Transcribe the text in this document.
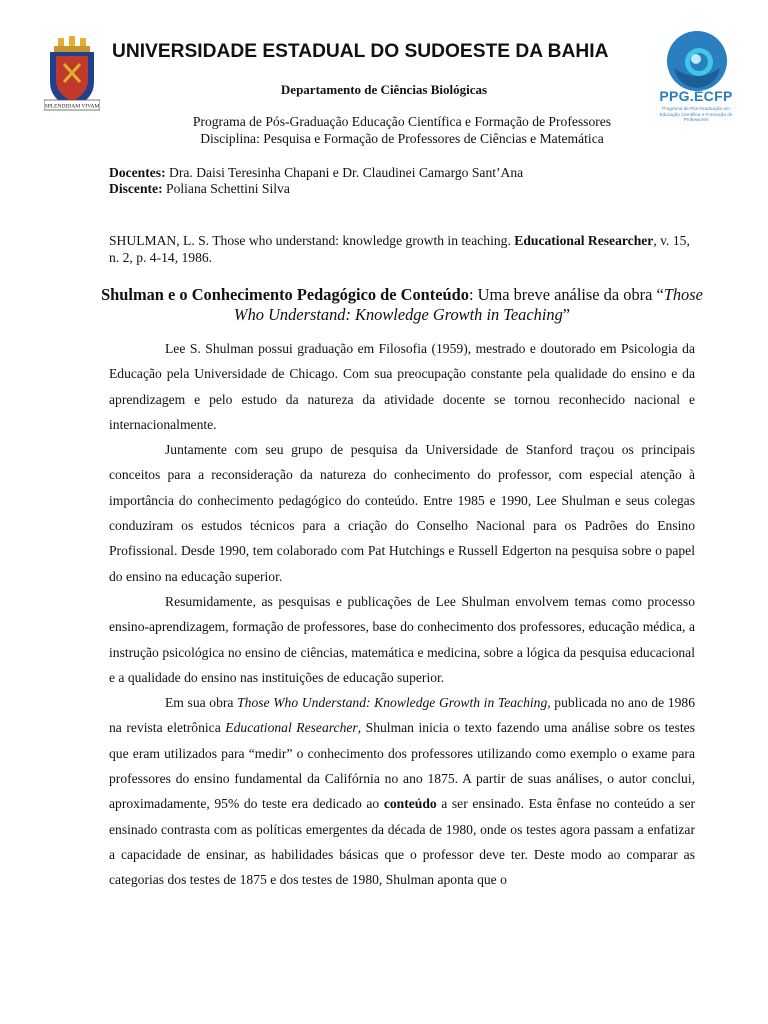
SPLENDIDAM VIVAM
UNIVERSIDADE ESTADUAL DO SUDOESTE DA BAHIA
Departamento de Ciências Biológicas
Programa de Pós-Graduação Educação Científica e Formação de Professores
Disciplina: Pesquisa e Formação de Professores de Ciências e Matemática
PPG.ECFP
Programa de Pós-Graduação em
Educação Científica e Formação de Professores
Docentes: Dra. Daisi Teresinha Chapani e Dr. Claudinei Camargo Sant’Ana
Discente: Poliana Schettini Silva
SHULMAN, L. S. Those who understand: knowledge growth in teaching. Educational Researcher, v. 15, n. 2, p. 4-14, 1986.
Shulman e o Conhecimento Pedagógico de Conteúdo: Uma breve análise da obra “Those Who Understand: Knowledge Growth in Teaching”

Lee S. Shulman possui graduação em Filosofia (1959), mestrado e doutorado em Psicologia da Educação pela Universidade de Chicago. Com sua preocupação constante pela qualidade do ensino e da aprendizagem e pelo estudo da natureza da atividade docente se tornou reconhecido nacional e internacionalmente.

Juntamente com seu grupo de pesquisa da Universidade de Stanford traçou os principais conceitos para a reconsideração da natureza do conhecimento do professor, com especial atenção à importância do conhecimento pedagógico do conteúdo. Entre 1985 e 1990, Lee Shulman e seus colegas conduziram os estudos técnicos para a criação do Conselho Nacional para os Padrões do Ensino Profissional. Desde 1990, tem colaborado com Pat Hutchings e Russell Edgerton na pesquisa sobre o papel do ensino na educação superior.

Resumidamente, as pesquisas e publicações de Lee Shulman envolvem temas como processo ensino-aprendizagem, formação de professores, base do conhecimento dos professores, educação médica, a instrução psicológica no ensino de ciências, matemática e medicina, sobre a lógica da pesquisa educacional e a qualidade do ensino nas instituições de educação superior.

Em sua obra Those Who Understand: Knowledge Growth in Teaching, publicada no ano de 1986 na revista eletrônica Educational Researcher, Shulman inicia o texto fazendo uma análise sobre os testes que eram utilizados para “medir” o conhecimento dos professores utilizando como exemplo o exame para professores do ensino fundamental da Califórnia no ano 1875. A partir de suas análises, o autor conclui, aproximadamente, 95% do teste era dedicado ao conteúdo a ser ensinado. Esta ênfase no conteúdo a ser ensinado contrasta com as políticas emergentes da década de 1980, onde os testes agora passam a enfatizar a capacidade de ensinar, as habilidades básicas que o professor deve ter. Deste modo ao comparar as categorias dos testes de 1875 e dos testes de 1980, Shulman aponta que o
